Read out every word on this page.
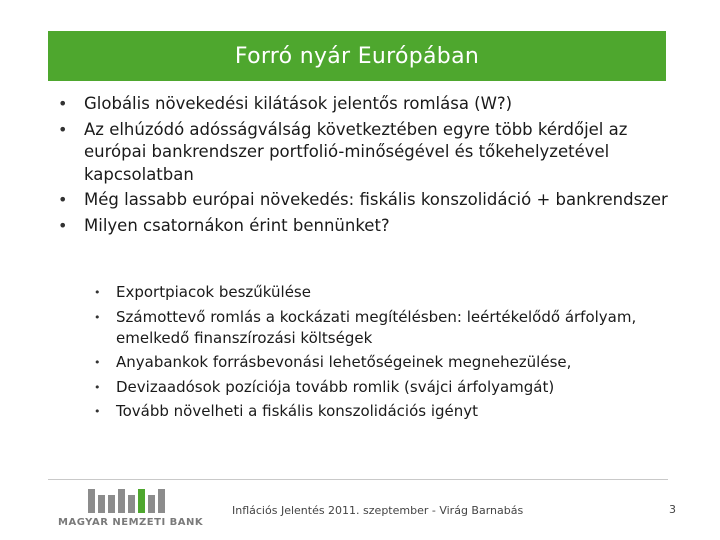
Forró nyár Európában
• Globális növekedési kilátások jelentős romlása (W?)
• Az elhúzódó adósságválság következtében egyre több kérdőjel az európai bankrendszer portfolió-minőségével és tőkehelyzetével kapcsolatban
• Még lassabb európai növekedés: fiskális konszolidáció + bankrendszer
• Milyen csatornákon érint bennünket?
• Exportpiacok beszűkülése
• Számottevő romlás a kockázati megítélésben: leértékelődő árfolyam, emelkedő finanszírozási költségek
• Anyabankok forrásbevonási lehetőségeinek megnehezülése,
• Devizaadósok pozíciója tovább romlik (svájci árfolyamgát)
• Tovább növelheti a fiskális konszolidációs igényt
MAGYAR NEMZETI BANK
Inflációs Jelentés 2011. szeptember - Virág Barnabás	3
